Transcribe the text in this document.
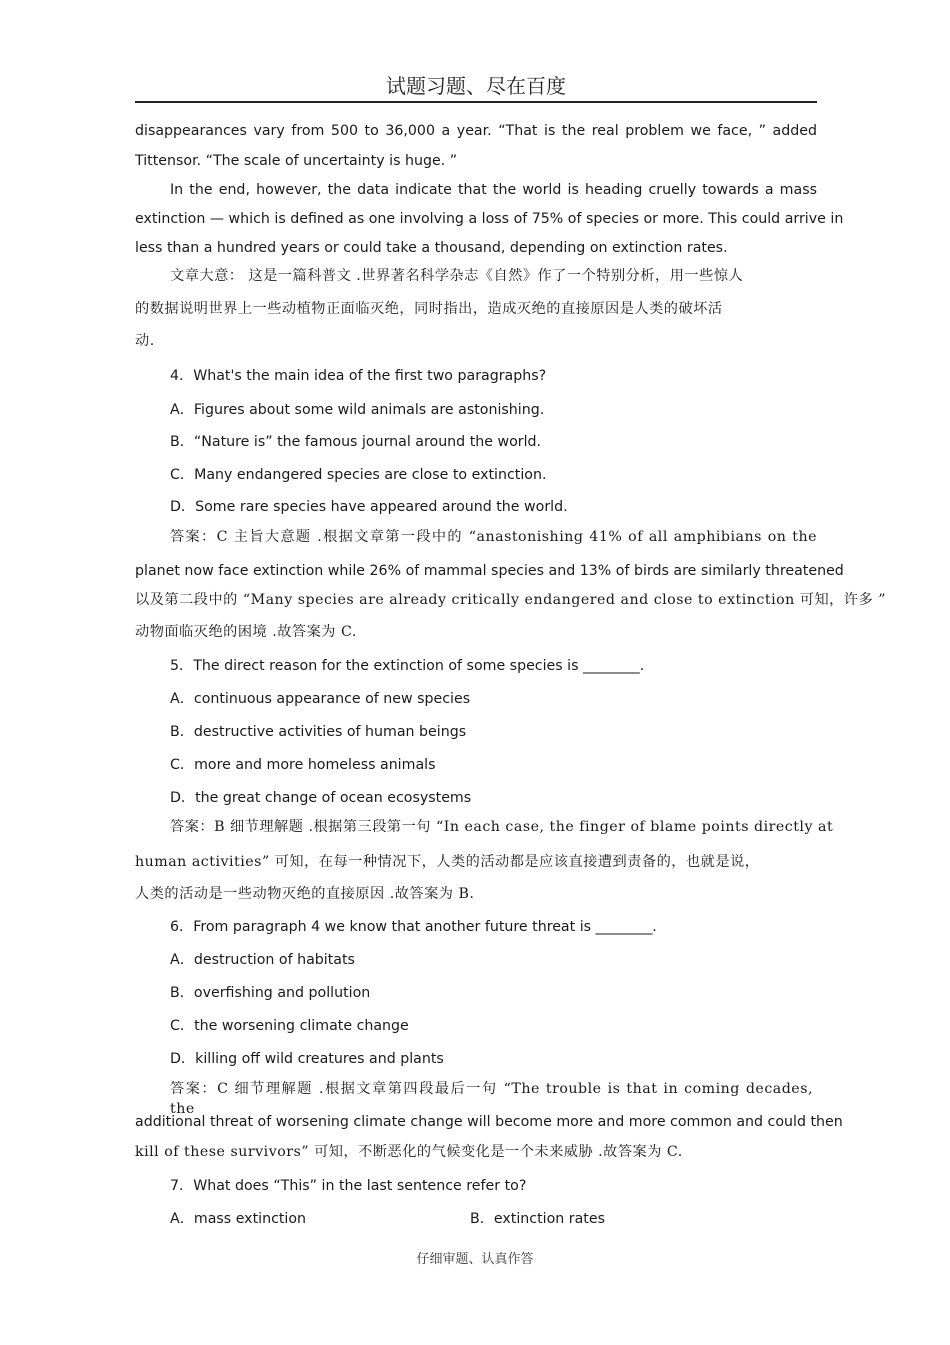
试题习题、尽在百度
disappearances vary from 500 to 36,000 a year. “That is the real problem we face, ” added
Tittensor. “The scale of uncertainty is huge. ”
In the end, however, the data indicate that the world is heading cruelly towards a mass
extinction — which is defined as one involving a loss of 75% of species or more. This could arrive in
less than a hundred years or could take a thousand, depending on extinction rates.
文章大意： 这是一篇科普文 .世界著名科学杂志《自然》作了一个特别分析，用一些惊人
的数据说明世界上一些动植物正面临灭绝，同时指出，造成灭绝的直接原因是人类的破坏活
动.
4．What's the main idea of the first two paragraphs?
A．Figures about some wild animals are astonishing.
B．“Nature is” the famous journal around the world.
C．Many endangered species are close to extinction.
D．Some rare species have appeared around the world.
答案：C 主旨大意题 .根据文章第一段中的 “anastonishing 41% of all amphibians on the
planet now face extinction while 26% of mammal species and 13% of birds are similarly threatened
以及第二段中的 “Many species are already critically endangered and close to extinction 可知，许多 ”
动物面临灭绝的困境 .故答案为 C.
5．The direct reason for the extinction of some species is ________.
A．continuous appearance of new species
B．destructive activities of human beings
C．more and more homeless animals
D．the great change of ocean ecosystems
答案：B 细节理解题 .根据第三段第一句 “In each case, the finger of blame points directly at
human activities” 可知，在每一种情况下，人类的活动都是应该直接遭到责备的，也就是说，
人类的活动是一些动物灭绝的直接原因 .故答案为 B.
6．From paragraph 4 we know that another future threat is ________.
A．destruction of habitats
B．overfishing and pollution
C．the worsening climate change
D．killing off wild creatures and plants
答案：C 细节理解题 .根据文章第四段最后一句 “The trouble is that in coming decades, the
additional threat of worsening climate change will become more and more common and could then
kill of these survivors” 可知，不断恶化的气候变化是一个未来威胁 .故答案为 C.
7．What does “This” in the last sentence refer to?
A．mass extinction	B．extinction rates
仔细审题、认真作答
